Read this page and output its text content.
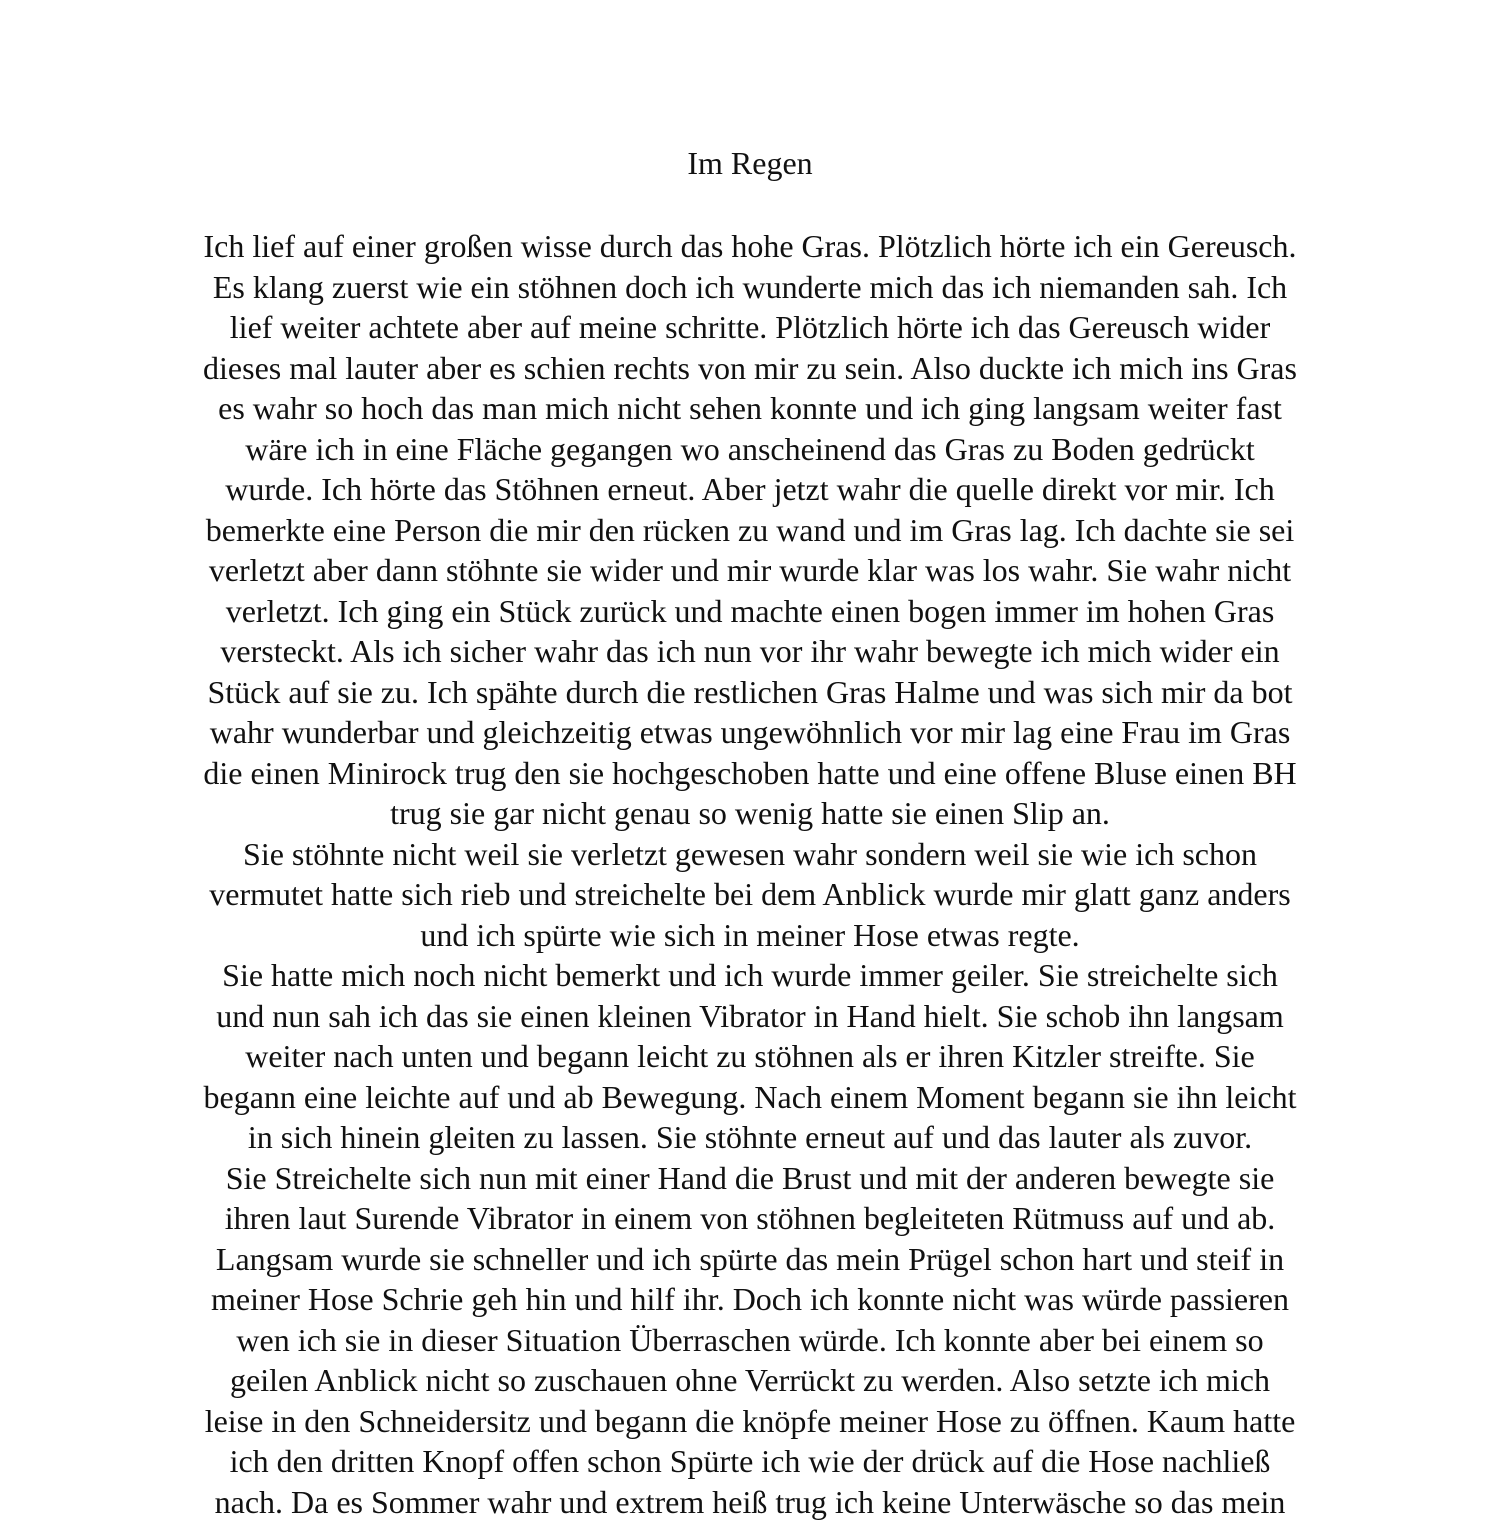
Im Regen
Ich lief auf einer großen wisse durch das hohe Gras. Plötzlich hörte ich ein Gereusch.
Es klang zuerst wie ein stöhnen doch ich wunderte mich das ich niemanden sah. Ich
lief weiter achtete aber auf meine schritte. Plötzlich hörte ich das Gereusch wider
dieses mal lauter aber es schien rechts von mir zu sein. Also duckte ich mich ins Gras
es wahr so hoch das man mich nicht sehen konnte und ich ging langsam weiter fast
wäre ich in eine Fläche gegangen wo anscheinend das Gras zu Boden gedrückt
wurde. Ich hörte das Stöhnen erneut. Aber jetzt wahr die quelle direkt vor mir. Ich
bemerkte eine Person die mir den rücken zu wand und im Gras lag. Ich dachte sie sei
verletzt aber dann stöhnte sie wider und mir wurde klar was los wahr. Sie wahr nicht
verletzt. Ich ging ein Stück zurück und machte einen bogen immer im hohen Gras
versteckt. Als ich sicher wahr das ich nun vor ihr wahr bewegte ich mich wider ein
Stück auf sie zu. Ich spähte durch die restlichen Gras Halme und was sich mir da bot
wahr wunderbar und gleichzeitig etwas ungewöhnlich vor mir lag eine Frau im Gras
die einen Minirock trug den sie hochgeschoben hatte und eine offene Bluse einen BH
trug sie gar nicht genau so wenig hatte sie einen Slip an.
Sie stöhnte nicht weil sie verletzt gewesen wahr sondern weil sie wie ich schon
vermutet hatte sich rieb und streichelte bei dem Anblick wurde mir glatt ganz anders
und ich spürte wie sich in meiner Hose etwas regte.
Sie hatte mich noch nicht bemerkt und ich wurde immer geiler. Sie streichelte sich
und nun sah ich das sie einen kleinen Vibrator in Hand hielt. Sie schob ihn langsam
weiter nach unten und begann leicht zu stöhnen als er ihren Kitzler streifte. Sie
begann eine leichte auf und ab Bewegung. Nach einem Moment begann sie ihn leicht
in sich hinein gleiten zu lassen. Sie stöhnte erneut auf und das lauter als zuvor.
Sie Streichelte sich nun mit einer Hand die Brust und mit der anderen bewegte sie
ihren laut Surende Vibrator in einem von stöhnen begleiteten Rütmuss auf und ab.
Langsam wurde sie schneller und ich spürte das mein Prügel schon hart und steif in
meiner Hose Schrie geh hin und hilf ihr. Doch ich konnte nicht was würde passieren
wen ich sie in dieser Situation Überraschen würde. Ich konnte aber bei einem so
geilen Anblick nicht so zuschauen ohne Verrückt zu werden. Also setzte ich mich
leise in den Schneidersitz und begann die knöpfe meiner Hose zu öffnen. Kaum hatte
ich den dritten Knopf offen schon Spürte ich wie der drück auf die Hose nachließ
nach. Da es Sommer wahr und extrem heiß trug ich keine Unterwäsche so das mein
